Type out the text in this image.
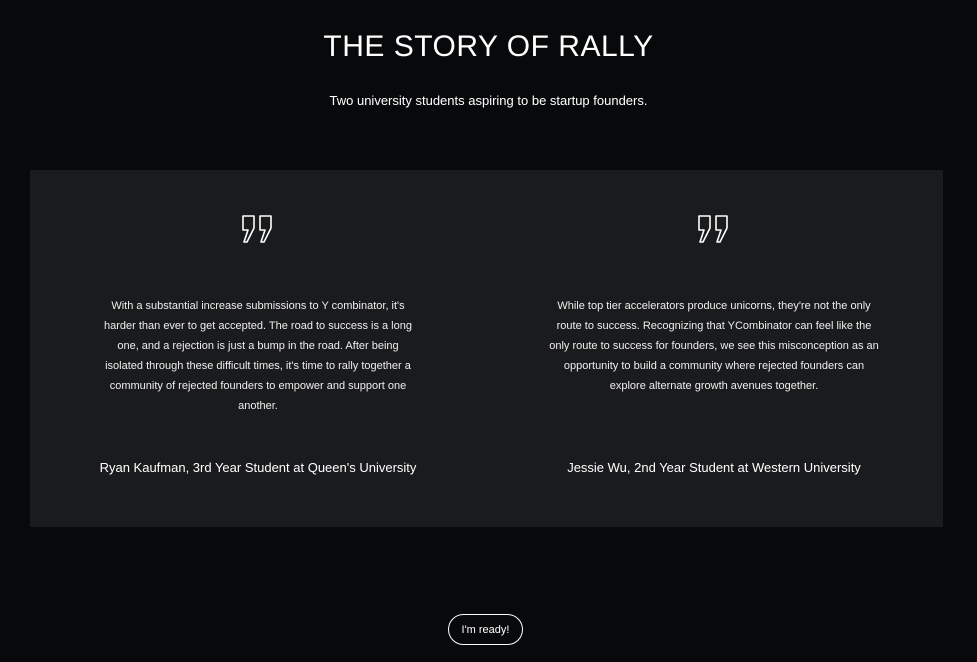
THE STORY OF RALLY
Two university students aspiring to be startup founders.
With a substantial increase submissions to Y combinator, it's harder than ever to get accepted. The road to success is a long one, and a rejection is just a bump in the road. After being isolated through these difficult times, it's time to rally together a community of rejected founders to empower and support one another.
Ryan Kaufman, 3rd Year Student at Queen's University
While top tier accelerators produce unicorns, they're not the only route to success. Recognizing that YCombinator can feel like the only route to success for founders, we see this misconception as an opportunity to build a community where rejected founders can explore alternate growth avenues together.
Jessie Wu, 2nd Year Student at Western University
I'm ready!
